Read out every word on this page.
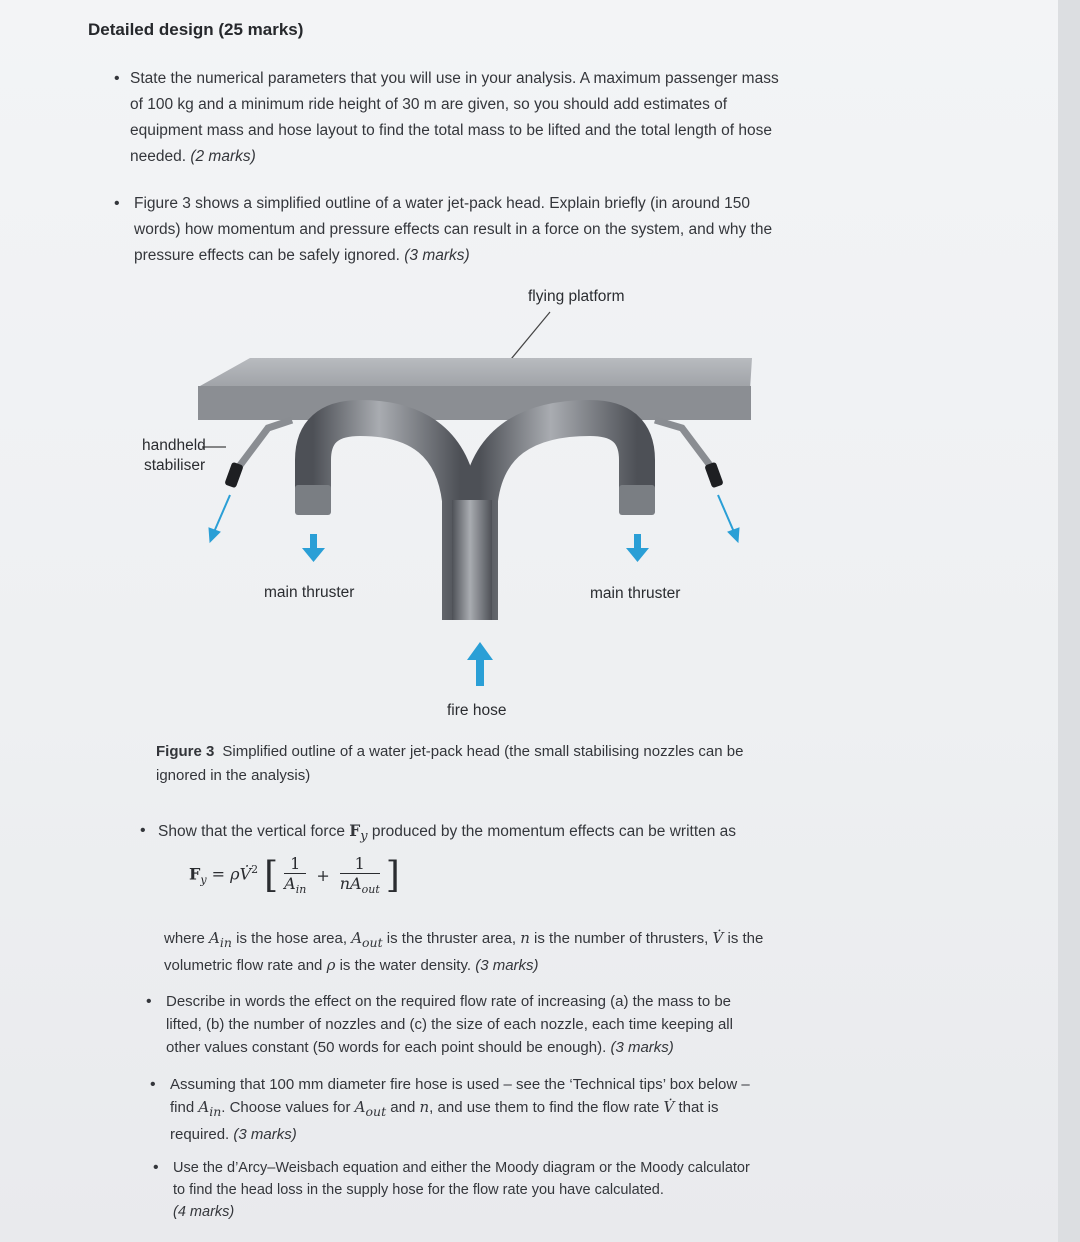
Detailed design (25 marks)
• State the numerical parameters that you will use in your analysis. A maximum passenger mass of 100 kg and a minimum ride height of 30 m are given, so you should add estimates of equipment mass and hose layout to find the total mass to be lifted and the total length of hose needed. (2 marks)
• Figure 3 shows a simplified outline of a water jet-pack head. Explain briefly (in around 150 words) how momentum and pressure effects can result in a force on the system, and why the pressure effects can be safely ignored. (3 marks)
flying platform
handheld
stabiliser
main thruster	main thruster
fire hose
Figure 3 Simplified outline of a water jet-pack head (the small stabilising nozzles can be ignored in the analysis)
• Show that the vertical force $F_y$ produced by the momentum effects can be written as
$F_y$ = ρV̇$^2$	[	1
$A_{in}$
	+	
1
$nA_{out}$	]
where $A_{in}$ is the hose area, $A_{out}$ is the thruster area, n is the number of thrusters, V̇ is the volumetric flow rate and ρ is the water density. (3 marks)
• Describe in words the effect on the required flow rate of increasing (a) the mass to be lifted, (b) the number of nozzles and (c) the size of each nozzle, each time keeping all other values constant (50 words for each point should be enough). (3 marks)
• Assuming that 100 mm diameter fire hose is used – see the ‘Technical tips’ box below – find $A_{in}$. Choose values for $A_{out}$ and n, and use them to find the flow rate V̇ that is required. (3 marks)
• Use the d’Arcy–Weisbach equation and either the Moody diagram or the Moody calculator to find the head loss in the supply hose for the flow rate you have calculated.
(4 marks)
